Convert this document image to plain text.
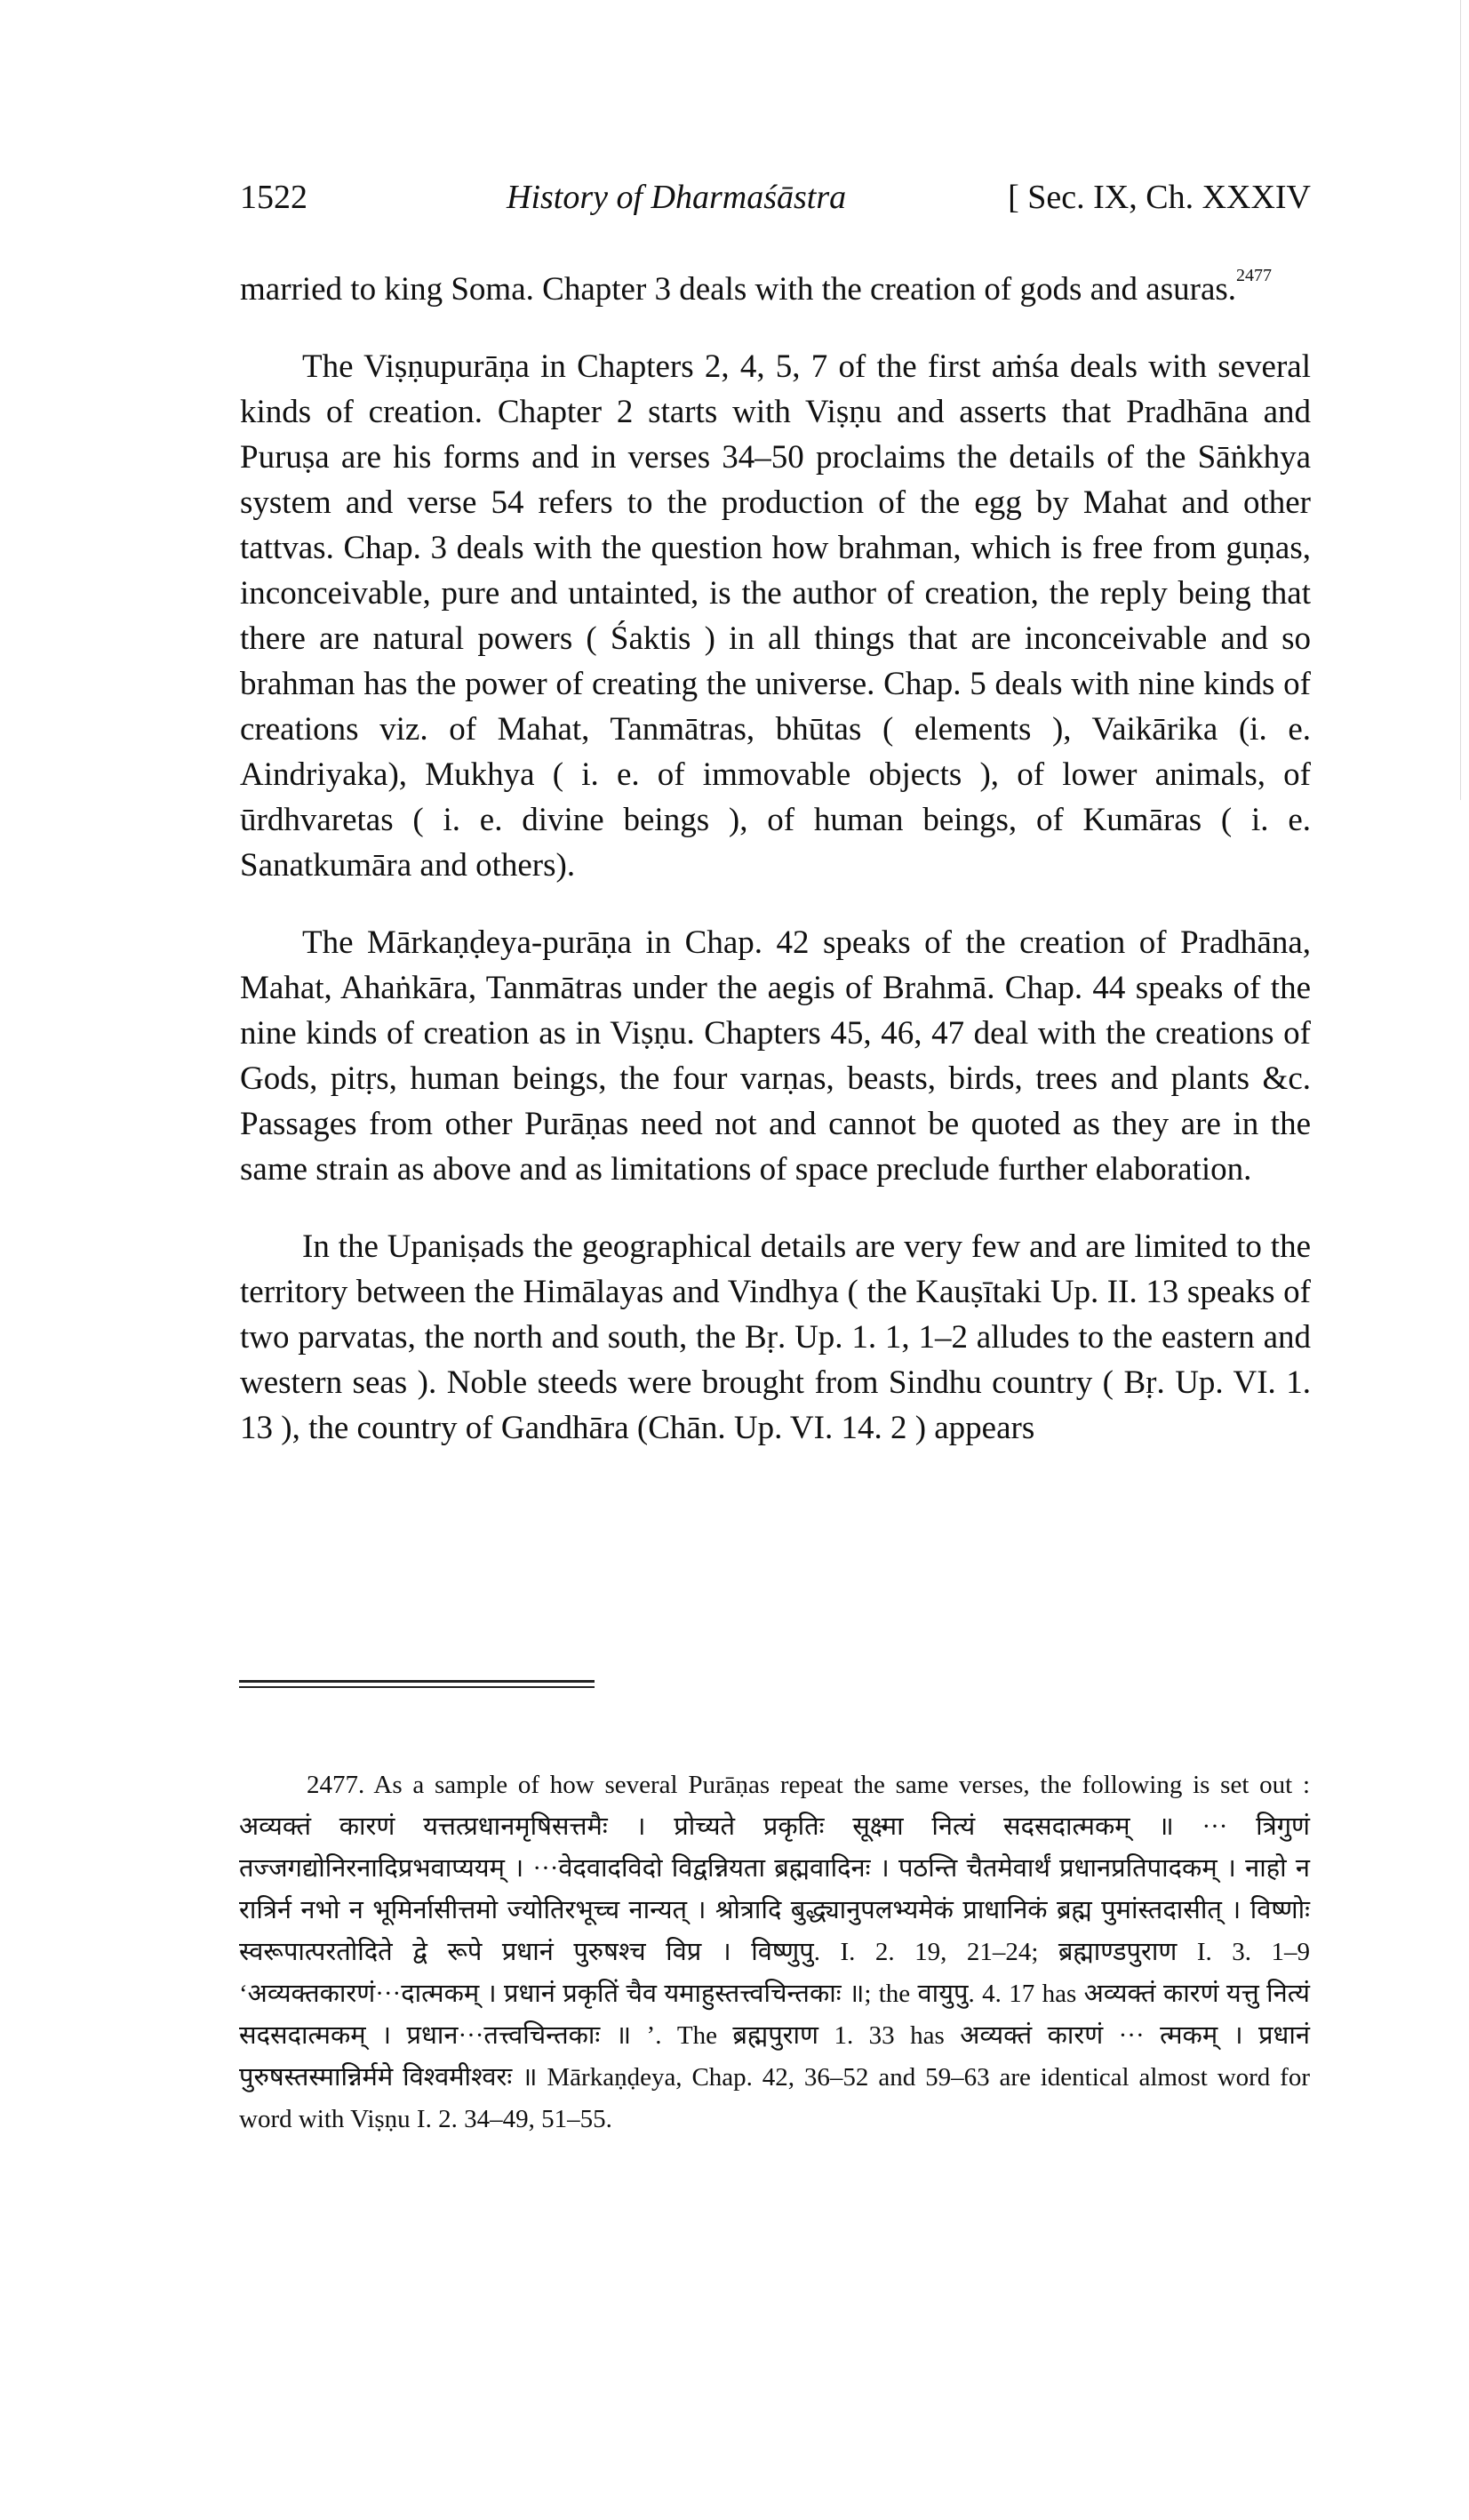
1522	History of Dharmaśāstra	[ Sec. IX, Ch. XXXIV

married to king Soma. Chapter 3 deals with the creation of gods and asuras.$^{2477}$

The Viṣṇupurāṇa in Chapters 2, 4, 5, 7 of the first aṁśa deals with several kinds of creation. Chapter 2 starts with Viṣṇu and asserts that Pradhāna and Puruṣa are his forms and in verses 34–50 proclaims the details of the Sāṅkhya system and verse 54 refers to the production of the egg by Mahat and other tattvas. Chap. 3 deals with the question how brahman, which is free from guṇas, inconceivable, pure and untainted, is the author of creation, the reply being that there are natural powers ( Śaktis ) in all things that are inconceivable and so brahman has the power of creating the universe. Chap. 5 deals with nine kinds of creations viz. of Mahat, Tanmātras, bhūtas ( elements ), Vaikārika (i. e. Aindriyaka), Mukhya ( i. e. of immovable objects ), of lower animals, of ūrdhvaretas ( i. e. divine beings ), of human beings, of Kumāras ( i. e. Sanatkumāra and others).

The Mārkaṇḍeya-purāṇa in Chap. 42 speaks of the creation of Pradhāna, Mahat, Ahaṅkāra, Tanmātras under the aegis of Brahmā. Chap. 44 speaks of the nine kinds of creation as in Viṣṇu. Chapters 45, 46, 47 deal with the creations of Gods, pitṛs, human beings, the four varṇas, beasts, birds, trees and plants &c. Passages from other Purāṇas need not and cannot be quoted as they are in the same strain as above and as limitations of space preclude further elaboration.

In the Upaniṣads the geographical details are very few and are limited to the territory between the Himālayas and Vindhya ( the Kauṣītaki Up. II. 13 speaks of two parvatas, the north and south, the Bṛ. Up. 1. 1, 1–2 alludes to the eastern and western seas ). Noble steeds were brought from Sindhu country ( Bṛ. Up. VI. 1. 13 ), the country of Gandhāra (Chān. Up. VI. 14. 2 ) appears

2477. As a sample of how several Purāṇas repeat the same verses, the following is set out : अव्यक्तं कारणं यत्तत्प्रधानमृषिसत्तमैः । प्रोच्यते प्रकृतिः सूक्ष्मा नित्यं सदसदात्मकम् ॥ ··· त्रिगुणं तज्जगद्योनिरनादिप्रभवाप्ययम् । ···वेदवादविदो विद्वन्नियता ब्रह्मवादिनः । पठन्ति चैतमेवार्थं प्रधानप्रतिपादकम् । नाहो न रात्रिर्न नभो न भूमिर्नासीत्तमो ज्योतिरभूच्च नान्यत् । श्रोत्रादि बुद्ध्यानुपलभ्यमेकं प्राधानिकं ब्रह्म पुमांस्तदासीत् । विष्णोः स्वरूपात्परतोदिते द्वे रूपे प्रधानं पुरुषश्च विप्र । विष्णुपु. I. 2. 19, 21–24; ब्रह्माण्डपुराण I. 3. 1–9 ‘अव्यक्तकारणं···दात्मकम् । प्रधानं प्रकृतिं चैव यमाहुस्तत्त्वचिन्तकाः ॥; the वायुपु. 4. 17 has अव्यक्तं कारणं यत्तु नित्यं सदसदात्मकम् । प्रधान···तत्त्वचिन्तकाः ॥ ’. The ब्रह्मपुराण 1. 33 has अव्यक्तं कारणं ··· त्मकम् । प्रधानं पुरुषस्तस्मान्निर्ममे विश्वमीश्वरः ॥ Mārkaṇḍeya, Chap. 42, 36–52 and 59–63 are identical almost word for word with Viṣṇu I. 2. 34–49, 51–55.
